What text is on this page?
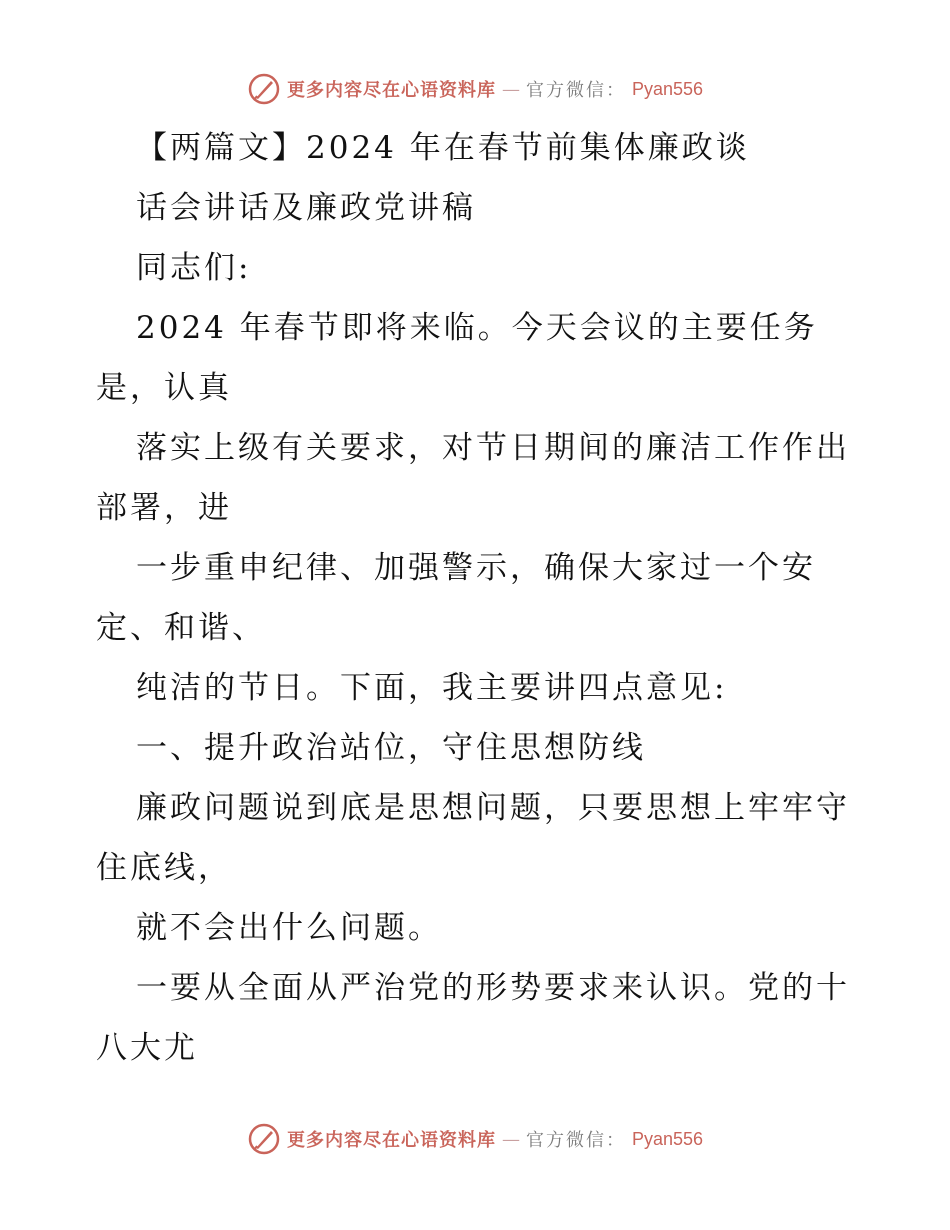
更多内容尽在心语资料库 — 官方微信： Pyan556

【两篇文】2024 年在春节前集体廉政谈

话会讲话及廉政党讲稿

同志们:

2024 年春节即将来临。今天会议的主要任务

是，认真

落实上级有关要求，对节日期间的廉洁工作作出

部署，进

一步重申纪律、加强警示，确保大家过一个安

定、和谐、

纯洁的节日。下面，我主要讲四点意见:

一、提升政治站位，守住思想防线

廉政问题说到底是思想问题，只要思想上牢牢守

住底线，

就不会出什么问题。

一要从全面从严治党的形势要求来认识。党的十

八大尤

更多内容尽在心语资料库 — 官方微信： Pyan556
